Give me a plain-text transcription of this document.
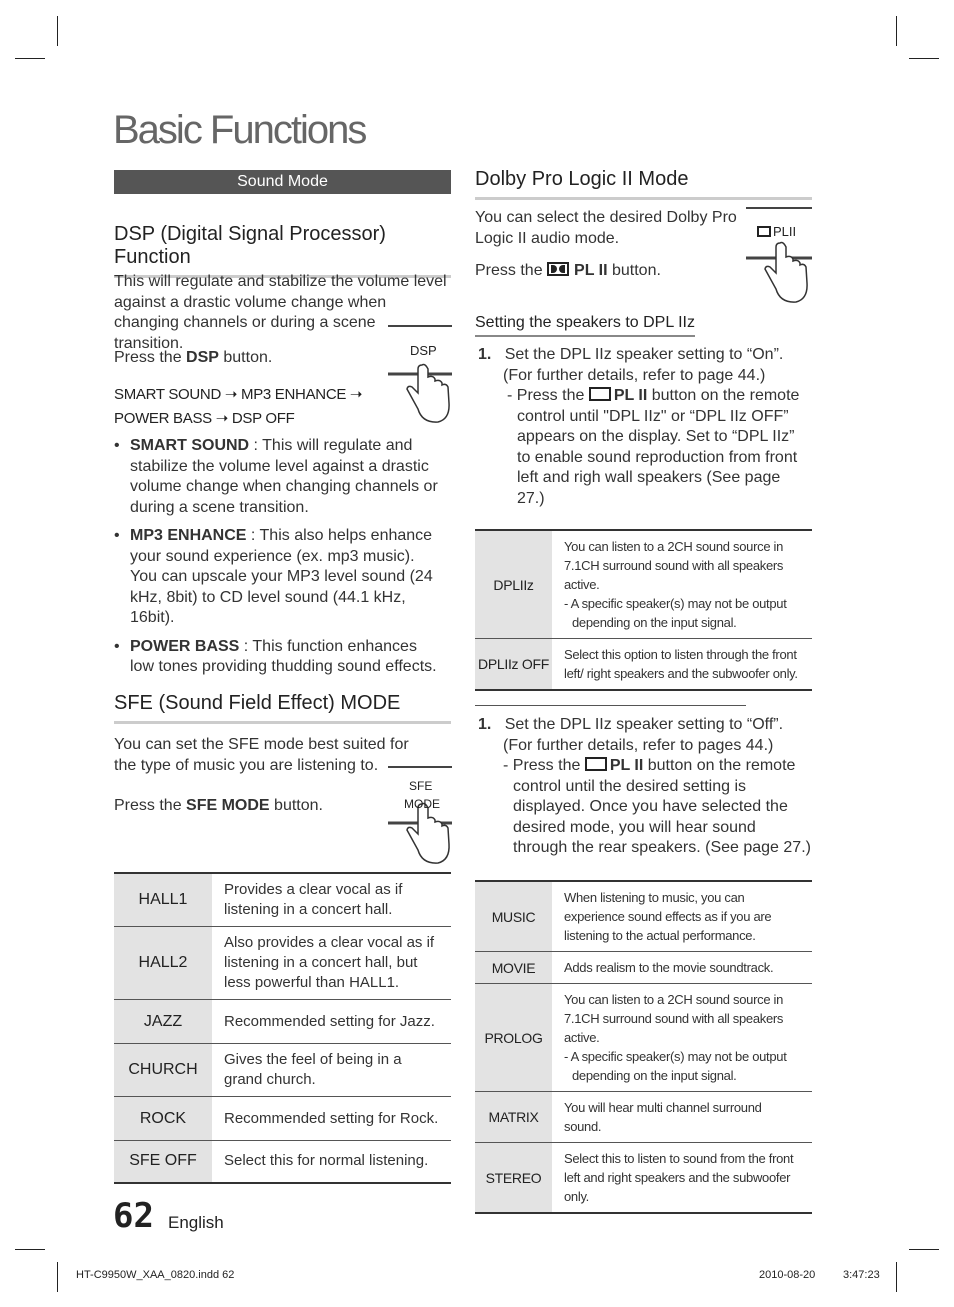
Basic Functions
Sound Mode
DSP (Digital Signal Processor) Function
This will regulate and stabilize the volume level against a drastic volume change when changing channels or during a scene transition.
Press the DSP button.
SMART SOUND ➝ MP3 ENHANCE ➝
POWER BASS ➝ DSP OFF
DSP
• SMART SOUND : This will regulate and stabilize the volume level against a drastic volume change when changing channels or during a scene transition.
• MP3 ENHANCE : This also helps enhance your sound experience (ex. mp3 music). You can upscale your MP3 level sound (24 kHz, 8bit) to CD level sound (44.1 kHz, 16bit).
• POWER BASS : This function enhances low tones providing thudding sound effects.
SFE (Sound Field Effect) MODE
You can set the SFE mode best suited for the type of music you are listening to.
Press the SFE MODE button.
SFE
MODE
HALL1	Provides a clear vocal as if listening in a concert hall.
HALL2	Also provides a clear vocal as if listening in a concert hall, but less powerful than HALL1.
JAZZ	Recommended setting for Jazz.
CHURCH	Gives the feel of being in a grand church.
ROCK	Recommended setting for Rock.
SFE OFF	Select this for normal listening.
Dolby Pro Logic II Mode
You can select the desired Dolby Pro Logic II audio mode.
Press the
PL II button.
PLII
Setting the speakers to DPL IIz
1. Set the DPL IIz speaker setting to “On”.
(For further details, refer to page 44.)
- Press the PL II button on the remote control until "DPL IIz" or “DPL IIz OFF” appears on the display. Set to “DPL IIz” to enable sound reproduction from front left and righ wall speakers (See page 27.)
DPLIIz	You can listen to a 2CH sound source in 7.1CH surround sound with all speakers active.
- A specific speaker(s) may not be output depending on the input signal.

DPLIIz OFF	Select this option to listen through the front left/ right speakers and the subwoofer only.
1. Set the DPL IIz speaker setting to “Off”.
(For further details, refer to pages 44.)
- Press the PL II button on the remote control until the desired setting is displayed. Once you have selected the desired mode, you will hear sound through the rear speakers. (See page 27.)
MUSIC	When listening to music, you can experience sound effects as if you are listening to the actual performance.
MOVIE	Adds realism to the movie soundtrack.
PROLOG	You can listen to a 2CH sound source in 7.1CH surround sound with all speakers active.
- A specific speaker(s) may not be output depending on the input signal.

MATRIX	You will hear multi channel surround sound.
STEREO	Select this to listen to sound from the front left and right speakers and the subwoofer only.
62 English
HT-C9950W_XAA_0820.indd 62	2010-08-20	3:47:23
